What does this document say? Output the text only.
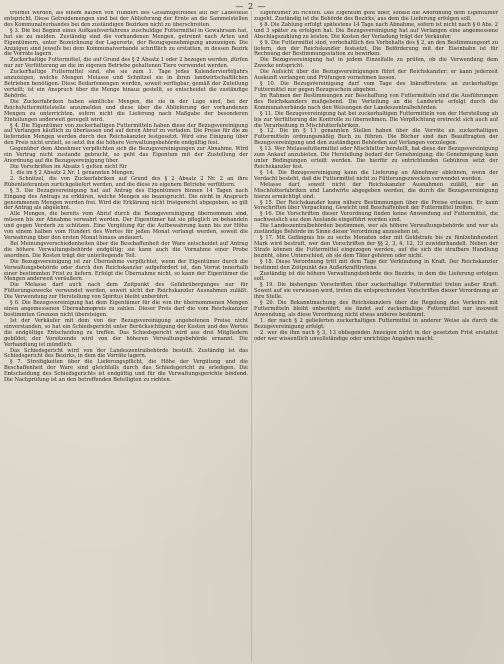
— 2 —

troffnet werden, als einem halben von Hundert des Gesamtgetreides auf der Ladestelle entspricht. Diese Getreidemengen sind bei der Ablieferung der Ernte an die Sammelstellen des Kommunalverbandes bei den zuständigen Bezirken nicht zu überschreiten.

§ 3. Die bei Beginn eines Aufkaufsverfahrens zuschuldige Futtermittel in Gewahrsam hat, hat sie zu melden. Zuständig sind die vorhandenen Mengen, getrennt nach Arten und Eigentümern, unter Bezeichnung der Lagerorte, der Bezugsgenehmigung anzuzeigen. Die Anzeigen sind jeweils bei dem Kommunalverbande schriftlich zu erstatten, in dessen Bezirk die Vorräte lagern.

Zuckerhaltige Futtermittel, die auf Grund des § 2 Absatz 1 oder 2 bezogen werden, dürfen nur zur Verfütterung an die im eigenen Betriebe gehaltenen Tiere verwendet werden.

Zuckerhaltige Futtermittel sind, ehe sie zum 1. Tage jedes Kalendervierteljahrs anzuzeigen, welche Mengen Melasse und Schnitzel sie in ihren landwirtschaftlichen Betrieben benötigen. Diese Bedarfsmengen werden, soweit verfügbar, gemäß der Zuteilung verteilt; ist ein Anspruch über die Menge hinaus gestellt, so entscheidet die zuständige Behörde.

Die Zuckerfabriken haben sämtliche Mengen, die sie in der Lage sind, bei der Reichsfuttermittelstelle anzumelden und diese über die Ablieferung der vorhandenen Mengen zu unterrichten, sofern nicht die Lieferung nach Maßgabe der besonderen Einteilungen anderweit geregelt wird.

§ 4. Die Eigentümer von zuckerhaltigen Futtermitteln haben diese der Bezugsvereinigung auf Verlangen käuflich zu überlassen und auf deren Abruf zu verladen. Die Preise für die zu liefernden Mengen werden durch den Reichskanzler festgesetzt. Wird eine Einigung über den Preis nicht erzielt, so setzt ihn die höhere Verwaltungsbehörde endgültig fest.

Gegenüber dem Abnehmer verpflichten sich die Bezugsvereinigungen zur Abnahme. Wird ein Vertrag nicht zustande gebracht, so geht das Eigentum mit der Zustellung der Anordnung auf die Bezugsvereinigung über.

Die Vorschriften im Absatz 1 gelten nicht für

1. die im § 2 Absatz 2 Nr. 1 genannten Mengen;

2. Schnitzel, die von Zuckerfabriken auf Grund des § 2 Absatz 2 Nr. 2 an ihre Rübenlieferanten zurückgeliefert werden, und die diese zu eigenem Betriebe verfüttern.

§ 5. Die Bezugsvereinigung hat auf Antrag des Eigentümers binnen 14 Tagen nach Eingang des Antrags zu erklären, welche Mengen sie beansprucht. Die nicht in Anspruch genommenen Mengen werden frei. Wird die Erklärung nicht fristgerecht abgegeben, so gilt der Antrag als abgelehnt.

Alle Mengen, die bereits vom Abruf durch die Bezugsvereinigung übernommen sind, müssen bis zur Abnahme verwahrt werden. Der Eigentümer hat sie pfleglich zu behandeln und gegen Verderb zu schützen. Eine Vergütung für die Aufbewahrung kann bis zur Höhe von einem halben vom Hundert des Wertes für jeden Monat verlangt werden, soweit die Verwahrung über den ersten Monat hinaus andauert.

Bei Meinungsverschiedenheiten über die Beschaffenheit der Ware entscheidet auf Antrag die höhere Verwaltungsbehörde endgültig; sie kann auch die Vornahme einer Probe anordnen. Die Kosten trägt der unterliegende Teil.

Die Bezugsvereinigung ist zur Übernahme verpflichtet, wenn der Eigentümer durch die Verwaltungsbehörde oder durch den Reichskanzler aufgefordert ist, den Vorrat innerhalb einer bestimmten Frist zu liefern. Erfolgt die Übernahme nicht, so kann der Eigentümer die Mengen anderweit veräußern.

Die Melasse darf auch nach dem Zeitpunkt des Gefahrüberganges nur für Fütterungszwecke verwendet werden, soweit nicht der Reichskanzler Ausnahmen zuläßt. Die Verwendung zur Herstellung von Spiritus bleibt unberührt.

§ 6. Die Bezugsvereinigung hat dem Eigentümer für die von ihr übernommenen Mengen einen angemessenen Übernahmepreis zu zahlen. Dieser Preis darf die vom Reichskanzler bestimmten Grenzen nicht übersteigen.

Ist der Verkäufer mit dem von der Bezugsvereinigung angebotenen Preise nicht einverstanden, so hat ein Schiedsgericht unter Berücksichtigung der Kosten und des Wertes die endgültige Entscheidung zu treffen. Das Schiedsgericht wird aus drei Mitgliedern gebildet; der Vorsitzende wird von der höheren Verwaltungsbehörde ernannt. Die Verhandlung ist mündlich.

Das Schiedsgericht wird von der Landeszentralbehörde bestellt. Zuständig ist das Schiedsgericht des Bezirks, in dem die Vorräte lagern.

§ 7. Streitigkeiten über die Lieferungspflicht, die Höhe der Vergütung und die Beschaffenheit der Ware sind gleichfalls durch das Schiedsgericht zu erledigen. Die Entscheidung des Schiedsgerichts ist endgültig und für die Verwaltungsgerichte bindend. Die Nachprüfung ist an den betreffenden Beteiligten zu richten.

Eigentümer zu richten. Das Eigentum geht über, sobald die Anordnung dem Eigentümer zugeht. Zuständig ist die Behörde des Bezirks, aus dem die Lieferung erfolgen soll.

§ 8. Die Zahlung erfolgt spätestens 14 Tage nach Abnahme, sofern ist nicht nach § 6 Abs. 2 und 3 später zu erfolgen hat. Die Bezugsvereinigung hat auf Verlangen eine angemessene Abschlagszahlung zu leisten. Die Kosten der Verladung trägt der Verkäufer.

§ 9. Die Futtermittel sind, vorbehaltlich des Vorbehalts des § 2, an den Bestimmungsort zu liefern, den der Reichskanzler festsetzt. Die Beförderung mit der Eisenbahn ist für Rechnung der Bestimmungsstation zu bewirken.

Die Bezugsvereinigung hat in jedem Einzelfalle zu prüfen, ob die Verwendung dem Zwecke entspricht.

Die Aufsicht über die Bezugsvereinigungen führt der Reichskanzler; er kann jederzeit Auskunft verlangen und Prüfungen vornehmen lassen.

§ 10. Die Bezugsvereinigung darf vom Tage des Inkrafttretens an zuckerhaltige Futtermittel nur gegen Bezugsschein abgeben.

Im Rahmen der Bestimmungen zur Beschaffung von Futtermitteln sind die Ausführungen des Reichskanzlers maßgebend. Die Verteilung an die Landwirte erfolgt durch die Kommunalverbände nach den Weisungen der Landeszentralbehörden.

§ 11. Die Bezugsvereinigung hat bei zuckerhaltigen Futtermitteln von der Herstellung ab bis zur Verfütterung die Kontrolle zu übernehmen. Die Verpflichtung erstreckt sich auch auf die Verarbeitung in Mischfutterfabriken.

§ 12. Die im § 11 genannten Stellen haben über die Vorräte an zuckerhaltigen Futtermitteln ordnungsmäßig Buch zu führen. Die Bücher sind den Beauftragten der Bezugsvereinigung und den zuständigen Behörden auf Verlangen vorzulegen.

§ 13. Wer Melassefuttermittel oder Mischfutter herstellt, hat diese der Bezugsvereinigung zum Ankauf anzubieten. Die Herstellung bedarf der Genehmigung; die Genehmigung kann unter Bedingungen erteilt werden. Die hierfür zu entrichtenden Gebühren setzt der Reichskanzler fest.

§ 14. Die Bezugsvereinigung kann die Lieferung an Abnehmer ablehnen, wenn der Verdacht besteht, daß die Futtermittel nicht zu Fütterungszwecken verwendet werden.

Melasse darf, soweit nicht der Reichskanzler Ausnahmen zuläßt, nur an Mischfutterfabriken und Landwirte abgegeben werden, die durch die Bezugsvereinigung hierzu ermächtigt sind.

§ 15. Der Reichskanzler kann nähere Bestimmungen über die Preise erlassen. Er kann Vorschriften über Verpackung, Gewicht und Beschaffenheit der Futtermittel treffen.

§ 16. Die Vorschriften dieser Verordnung finden keine Anwendung auf Futtermittel, die nachweislich aus dem Auslande eingeführt worden sind.

Die Landeszentralbehörden bestimmen, wer als höhere Verwaltungsbehörde und wer als zuständige Behörde im Sinne dieser Verordnung anzusehen ist.

§ 17. Mit Gefängnis bis zu sechs Monaten oder mit Geldstrafe bis zu fünfzehnhundert Mark wird bestraft, wer den Vorschriften der §§ 2, 3, 4, 12, 13 zuwiderhandelt. Neben der Strafe können die Futtermittel eingezogen werden, auf die sich die strafbare Handlung bezieht, ohne Unterschied, ob sie dem Täter gehören oder nicht.

§ 18. Diese Verordnung tritt mit dem Tage der Verkündung in Kraft. Der Reichskanzler bestimmt den Zeitpunkt des Außerkrafttretens.

Zuständig ist die höhere Verwaltungsbehörde des Bezirks, in dem die Lieferung erfolgen soll.

§ 19. Die bisherigen Vorschriften über zuckerhaltige Futtermittel treten außer Kraft. Soweit auf sie verwiesen wird, treten die entsprechenden Vorschriften dieser Verordnung an ihre Stelle.

§ 20. Die Bekanntmachung des Reichskanzlers über die Regelung des Verkehrs mit Futtermitteln bleibt unberührt; sie findet auf zuckerhaltige Futtermittel nur insoweit Anwendung, als diese Verordnung nicht etwas anderes bestimmt.

1. der nach § 2 gelieferten zuckerhaltigen Futtermittel in anderer Weise als durch die Bezugsvereinigung erfolgt;

2. wer die ihm nach § 3, 13 obliegenden Anzeigen nicht in der gesetzten Frist erstattet oder wer wissentlich unvollständige oder unrichtige Angaben macht.
